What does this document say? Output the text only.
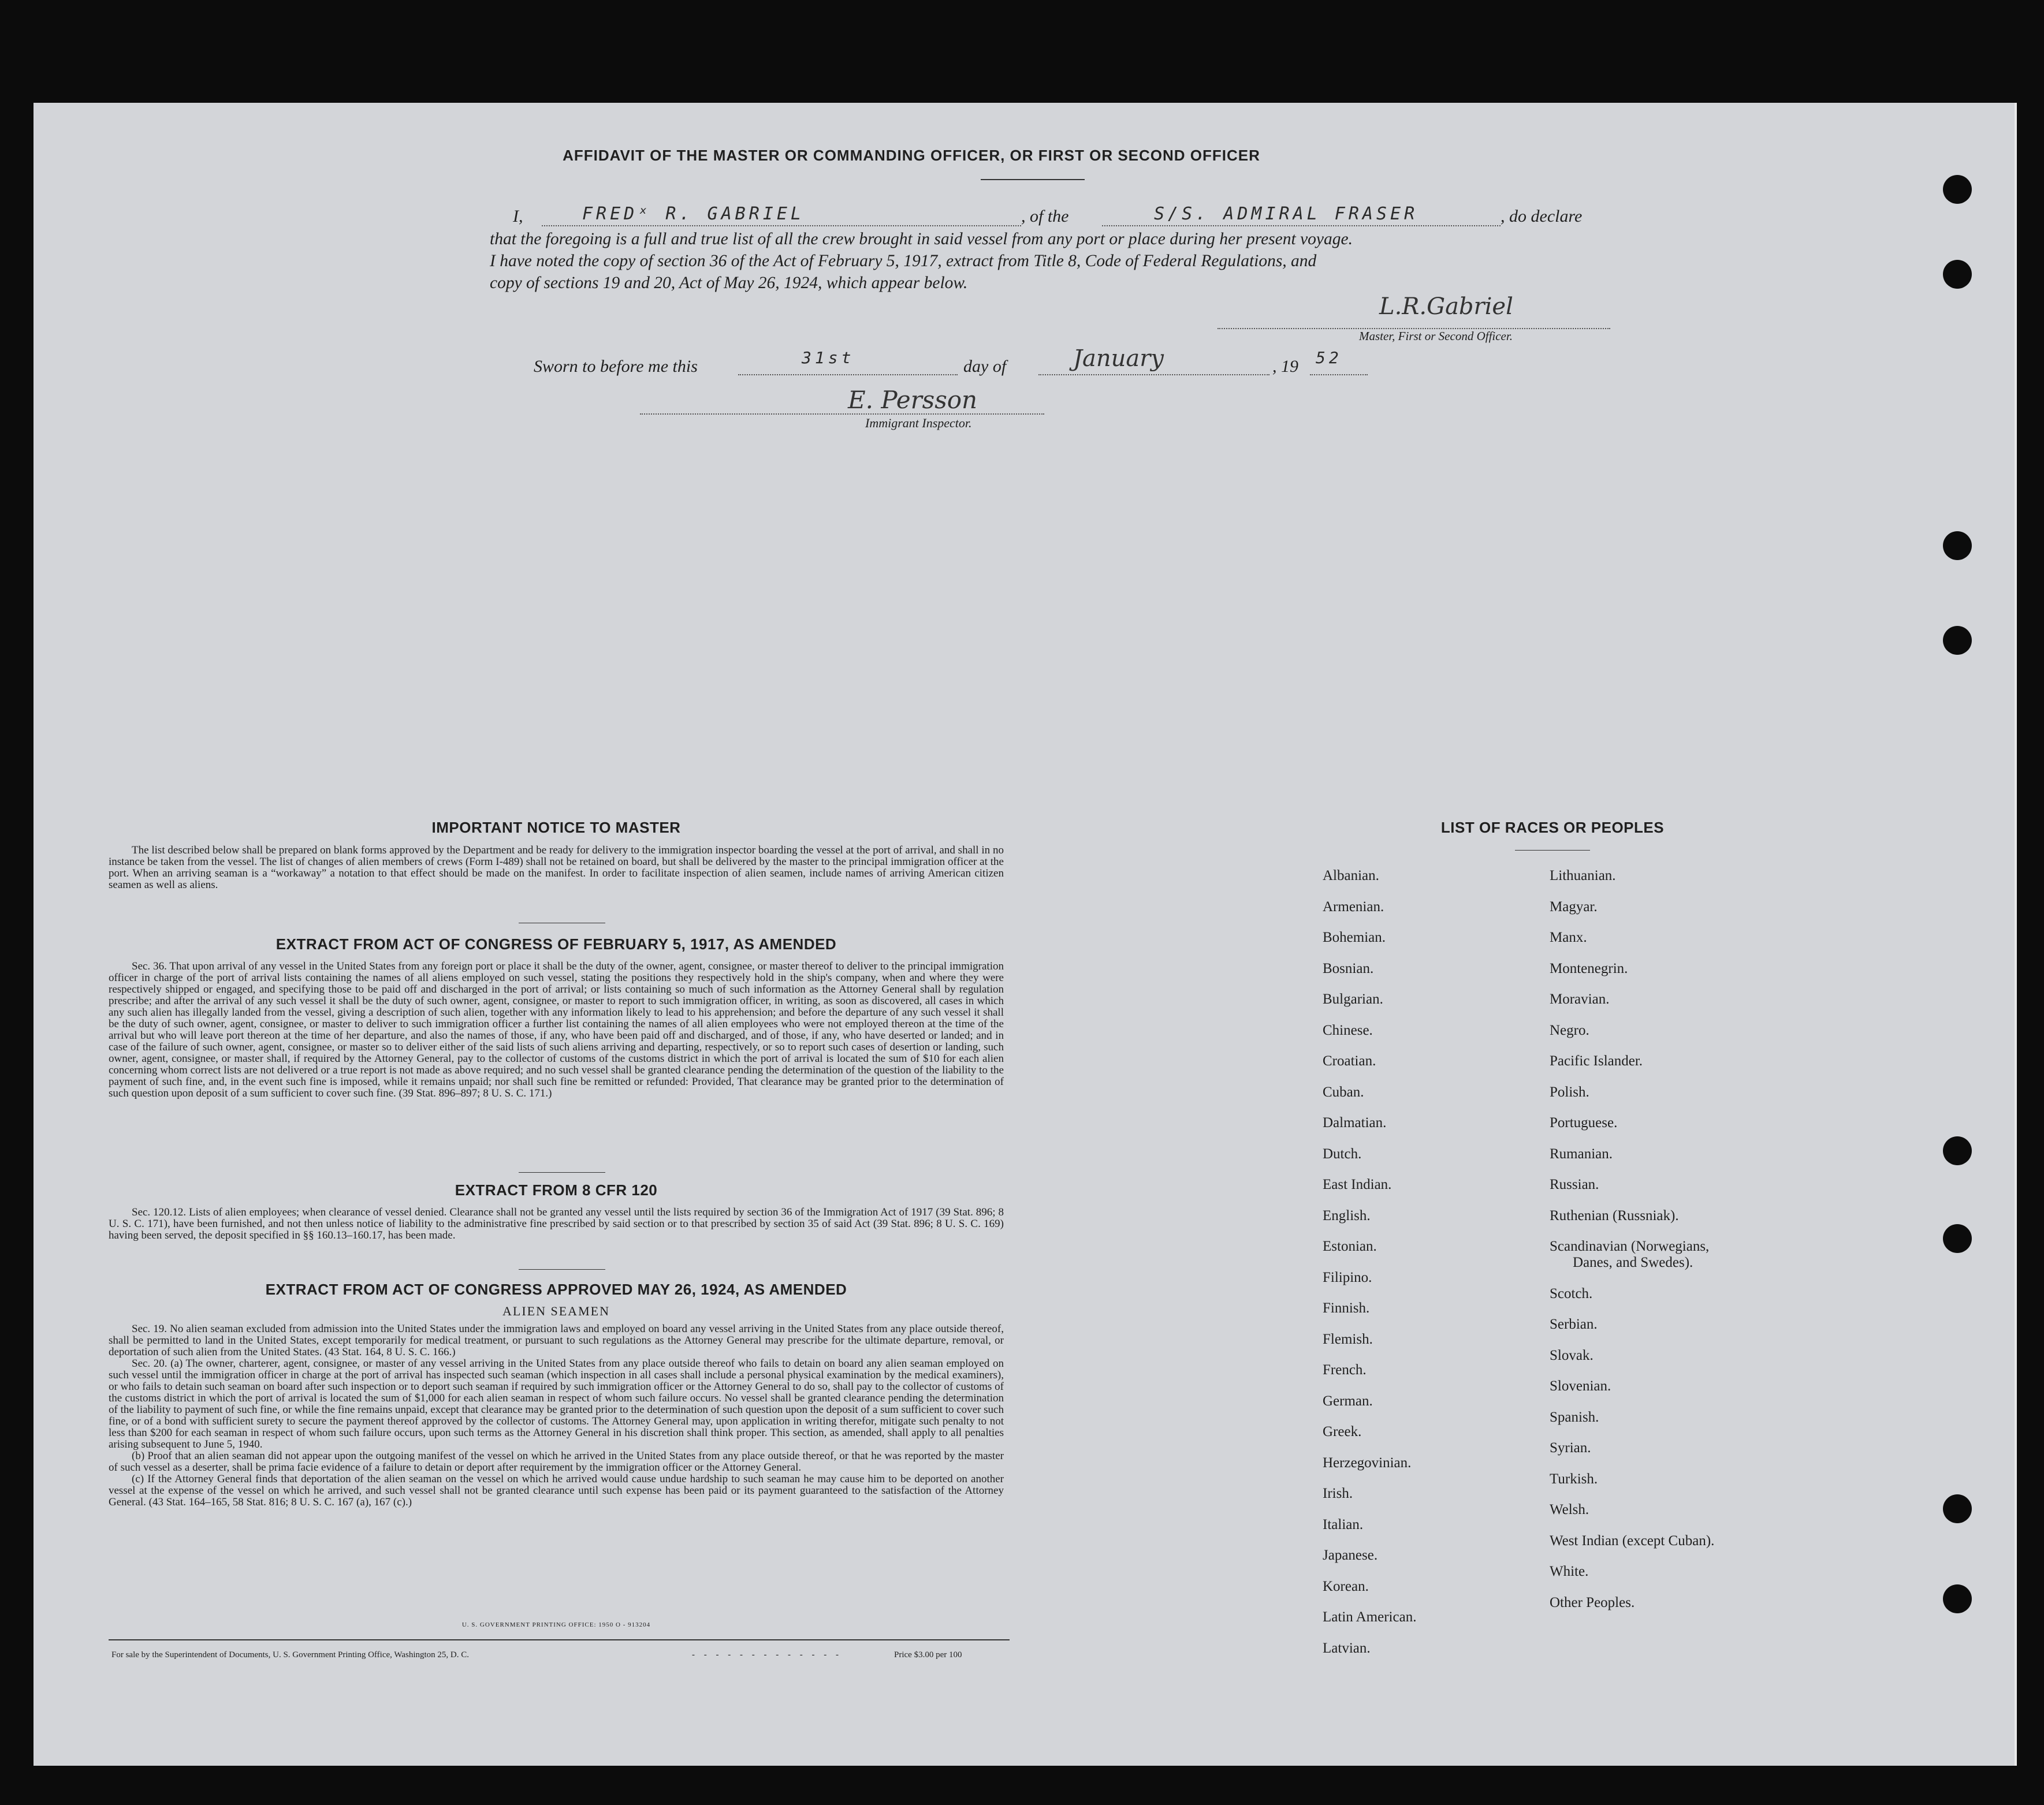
AFFIDAVIT OF THE MASTER OR COMMANDING OFFICER, OR FIRST OR SECOND OFFICER
I,	FREDˣ R. GABRIEL	, of the	S/S. ADMIRAL FRASER	, do declare
that the foregoing is a full and true list of all the crew brought in said vessel from any port or place during her present voyage.
I have noted the copy of section 36 of the Act of February 5, 1917, extract from Title 8, Code of Federal Regulations, and
copy of sections 19 and 20, Act of May 26, 1924, which appear below.
L.R.Gabriel
Master, First or Second Officer.
Sworn to before me this	31st	day of	January	, 19 52
E. Persson
Immigrant Inspector.
IMPORTANT NOTICE TO MASTER

The list described below shall be prepared on blank forms approved by the Department and be ready for delivery to the immigration inspector boarding the vessel at the port of arrival, and shall in no instance be taken from the vessel. The list of changes of alien members of crews (Form I-489) shall not be retained on board, but shall be delivered by the master to the principal immigration officer at the port. When an arriving seaman is a “workaway” a notation to that effect should be made on the manifest. In order to facilitate inspection of alien seamen, include names of arriving American citizen seamen as well as aliens.

EXTRACT FROM ACT OF CONGRESS OF FEBRUARY 5, 1917, AS AMENDED

Sec. 36. That upon arrival of any vessel in the United States from any foreign port or place it shall be the duty of the owner, agent, consignee, or master thereof to deliver to the principal immigration officer in charge of the port of arrival lists containing the names of all aliens employed on such vessel, stating the positions they respectively hold in the ship's company, when and where they were respectively shipped or engaged, and specifying those to be paid off and discharged in the port of arrival; or lists containing so much of such information as the Attorney General shall by regulation prescribe; and after the arrival of any such vessel it shall be the duty of such owner, agent, consignee, or master to report to such immigration officer, in writing, as soon as discovered, all cases in which any such alien has illegally landed from the vessel, giving a description of such alien, together with any information likely to lead to his apprehension; and before the departure of any such vessel it shall be the duty of such owner, agent, consignee, or master to deliver to such immigration officer a further list containing the names of all alien employees who were not employed thereon at the time of the arrival but who will leave port thereon at the time of her departure, and also the names of those, if any, who have been paid off and discharged, and of those, if any, who have deserted or landed; and in case of the failure of such owner, agent, consignee, or master so to deliver either of the said lists of such aliens arriving and departing, respectively, or so to report such cases of desertion or landing, such owner, agent, consignee, or master shall, if required by the Attorney General, pay to the collector of customs of the customs district in which the port of arrival is located the sum of $10 for each alien concerning whom correct lists are not delivered or a true report is not made as above required; and no such vessel shall be granted clearance pending the determination of the question of the liability to the payment of such fine, and, in the event such fine is imposed, while it remains unpaid; nor shall such fine be remitted or refunded: Provided, That clearance may be granted prior to the determination of such question upon deposit of a sum sufficient to cover such fine. (39 Stat. 896–897; 8 U. S. C. 171.)

EXTRACT FROM 8 CFR 120

Sec. 120.12. Lists of alien employees; when clearance of vessel denied. Clearance shall not be granted any vessel until the lists required by section 36 of the Immigration Act of 1917 (39 Stat. 896; 8 U. S. C. 171), have been furnished, and not then unless notice of liability to the administrative fine prescribed by said section or to that prescribed by section 35 of said Act (39 Stat. 896; 8 U. S. C. 169) having been served, the deposit specified in §§ 160.13–160.17, has been made.

EXTRACT FROM ACT OF CONGRESS APPROVED MAY 26, 1924, AS AMENDED
ALIEN SEAMEN

Sec. 19. No alien seaman excluded from admission into the United States under the immigration laws and employed on board any vessel arriving in the United States from any place outside thereof, shall be permitted to land in the United States, except temporarily for medical treatment, or pursuant to such regulations as the Attorney General may prescribe for the ultimate departure, removal, or deportation of such alien from the United States. (43 Stat. 164, 8 U. S. C. 166.)

Sec. 20. (a) The owner, charterer, agent, consignee, or master of any vessel arriving in the United States from any place outside thereof who fails to detain on board any alien seaman employed on such vessel until the immigration officer in charge at the port of arrival has inspected such seaman (which inspection in all cases shall include a personal physical examination by the medical examiners), or who fails to detain such seaman on board after such inspection or to deport such seaman if required by such immigration officer or the Attorney General to do so, shall pay to the collector of customs of the customs district in which the port of arrival is located the sum of $1,000 for each alien seaman in respect of whom such failure occurs. No vessel shall be granted clearance pending the determination of the liability to payment of such fine, or while the fine remains unpaid, except that clearance may be granted prior to the determination of such question upon the deposit of a sum sufficient to cover such fine, or of a bond with sufficient surety to secure the payment thereof approved by the collector of customs. The Attorney General may, upon application in writing therefor, mitigate such penalty to not less than $200 for each seaman in respect of whom such failure occurs, upon such terms as the Attorney General in his discretion shall think proper. This section, as amended, shall apply to all penalties arising subsequent to June 5, 1940.

(b) Proof that an alien seaman did not appear upon the outgoing manifest of the vessel on which he arrived in the United States from any place outside thereof, or that he was reported by the master of such vessel as a deserter, shall be prima facie evidence of a failure to detain or deport after requirement by the immigration officer or the Attorney General.

(c) If the Attorney General finds that deportation of the alien seaman on the vessel on which he arrived would cause undue hardship to such seaman he may cause him to be deported on another vessel at the expense of the vessel on which he arrived, and such vessel shall not be granted clearance until such expense has been paid or its payment guaranteed to the satisfaction of the Attorney General. (43 Stat. 164–165, 58 Stat. 816; 8 U. S. C. 167 (a), 167 (c).)

U. S. GOVERNMENT PRINTING OFFICE: 1950 O - 913204
For sale by the Superintendent of Documents, U. S. Government Printing Office, Washington 25, D. C.	- - - - - - - - - - - - -	Price $3.00 per 100
LIST OF RACES OR PEOPLES
Albanian.
Armenian.
Bohemian.
Bosnian.
Bulgarian.
Chinese.
Croatian.
Cuban.
Dalmatian.
Dutch.
East Indian.
English.
Estonian.
Filipino.
Finnish.
Flemish.
French.
German.
Greek.
Herzegovinian.
Irish.
Italian.
Japanese.
Korean.
Latin American.
Latvian.
Lithuanian.
Magyar.
Manx.
Montenegrin.
Moravian.
Negro.
Pacific Islander.
Polish.
Portuguese.
Rumanian.
Russian.
Ruthenian (Russniak).
Scandinavian (Norwegians,
Danes, and Swedes).
Scotch.
Serbian.
Slovak.
Slovenian.
Spanish.
Syrian.
Turkish.
Welsh.
West Indian (except Cuban).
White.
Other Peoples.
